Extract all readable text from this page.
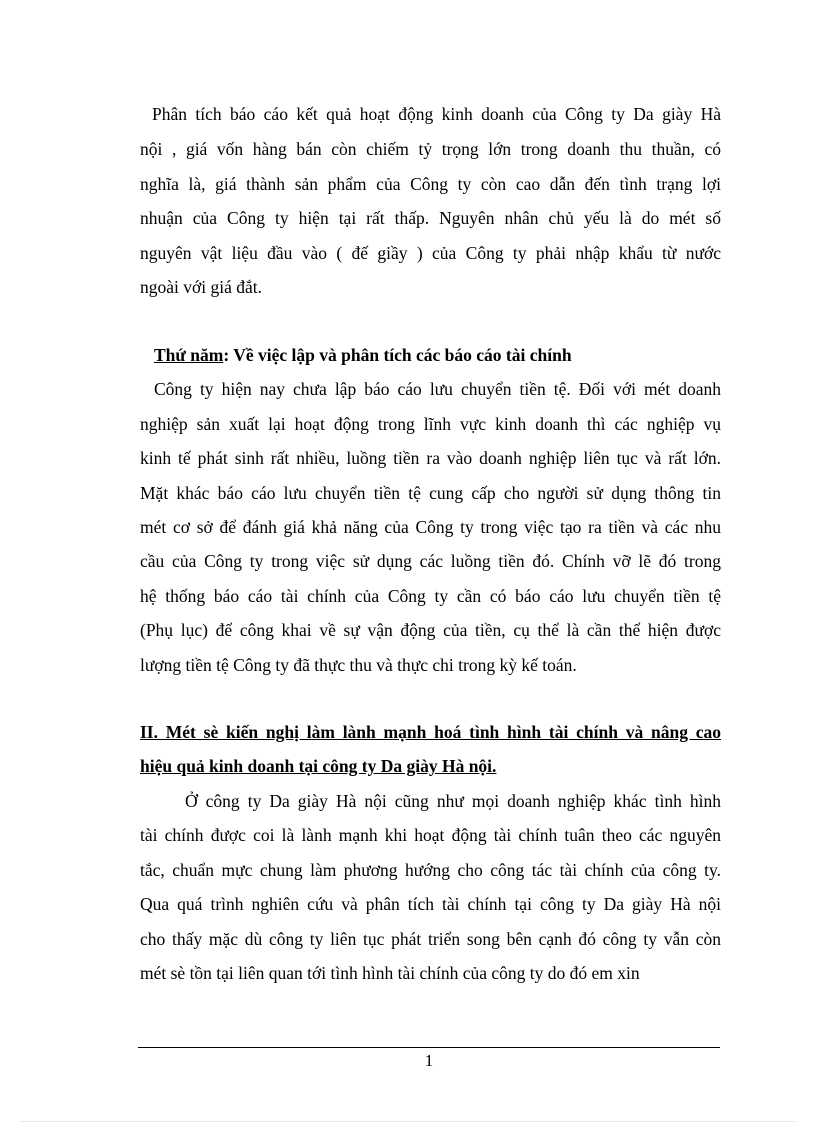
Phân tích báo cáo kết quả hoạt động kinh doanh của Công ty Da giày Hà
nội , giá vốn hàng bán còn chiếm tỷ trọng lớn trong doanh thu thuần, có
nghĩa là, giá thành sản phẩm của Công ty còn cao dẫn đến tình trạng lợi
nhuận của Công ty hiện tại rất thấp. Nguyên nhân chủ yếu là do mét số
nguyên vật liệu đầu vào ( đế giầy ) của Công ty phải nhập khẩu từ nước
ngoài với giá đắt.
Thứ năm: Về việc lập và phân tích các báo cáo tài chính
Công ty hiện nay chưa lập báo cáo lưu chuyển tiền tệ. Đối với mét doanh
nghiệp sản xuất lại hoạt động trong lĩnh vực kinh doanh thì các nghiệp vụ
kinh tế phát sinh rất nhiều, luồng tiền ra vào doanh nghiệp liên tục và rất lớn.
Mặt khác báo cáo lưu chuyển tiền tệ cung cấp cho người sử dụng thông tin
mét cơ sở để đánh giá khả năng của Công ty trong việc tạo ra tiền và các nhu
cầu của Công ty trong việc sử dụng các luồng tiền đó. Chính vỡ lẽ đó trong
hệ thống báo cáo tài chính của Công ty cần có báo cáo lưu chuyển tiền tệ
(Phụ lục) để công khai về sự vận động của tiền, cụ thể là cần thể hiện được
lượng tiền tệ Công ty đã thực thu và thực chi trong kỳ kế toán.
II. Mét sè kiến nghị làm lành mạnh hoá tình hình tài chính và nâng cao
hiệu quả kinh doanh tại công ty Da giày Hà nội.
Ở công ty Da giày Hà nội cũng như mọi doanh nghiệp khác tình hình
tài chính được coi là lành mạnh khi hoạt động tài chính tuân theo các nguyên
tắc, chuẩn mực chung làm phương hướng cho công tác tài chính của công ty.
Qua quá trình nghiên cứu và phân tích tài chính tại công ty Da giày Hà nội
cho thấy mặc dù công ty liên tục phát triển song bên cạnh đó công ty vẫn còn
mét sè tồn tại liên quan tới tình hình tài chính của công ty do đó em xin
1
